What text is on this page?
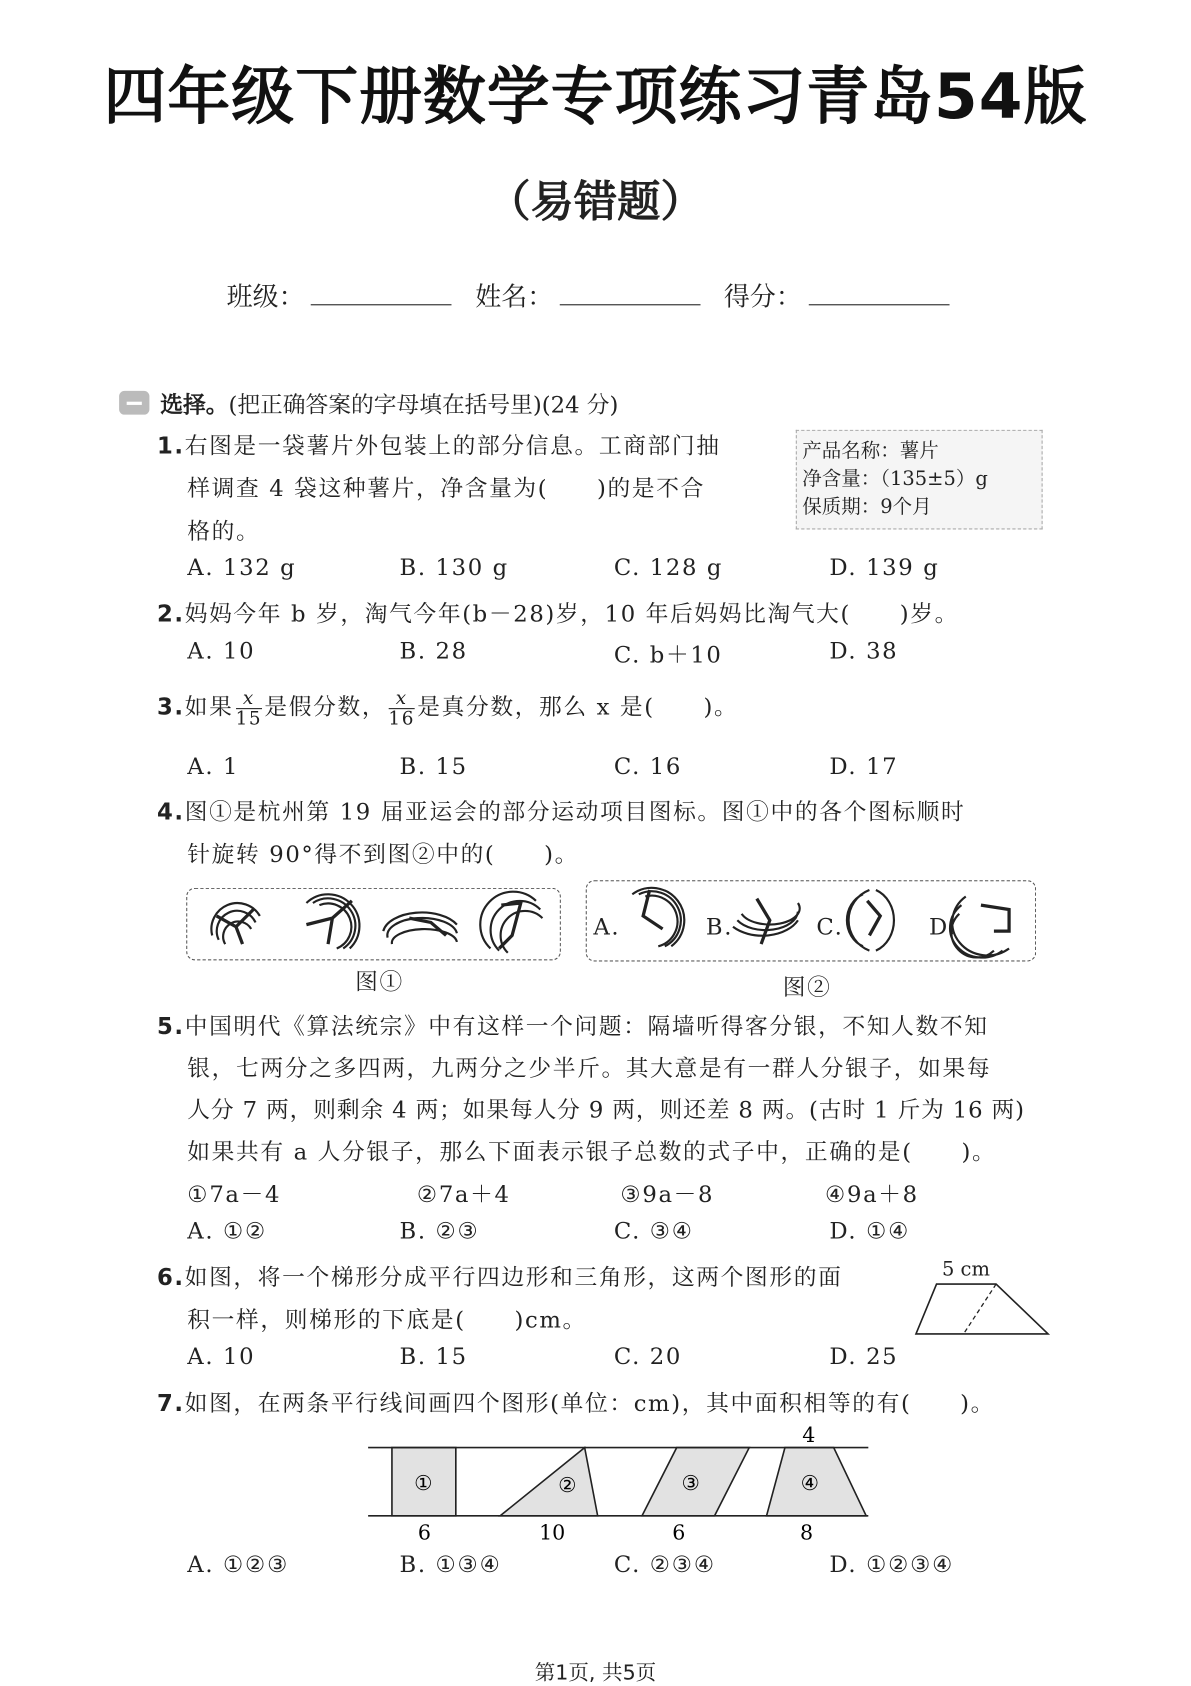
四年级下册数学专项练习青岛54版
（易错题）
班级：	姓名：	得分：
选择。(把正确答案的字母填在括号里)(24 分)
1.右图是一袋薯片外包装上的部分信息。工商部门抽
样调查 4 袋这种薯片，净含量为(　　)的是不合
格的。
产品名称：薯片
净含量：（135±5）g
保质期：9个月
A. 132 g	B. 130 g	C. 128 g	D. 139 g
2.妈妈今年 b 岁，淘气今年(b－28)岁，10 年后妈妈比淘气大(　　)岁。
A. 10	B. 28	C. b＋10	D. 38
3.如果 $\frac{x}{15}$ 是假分数， $\frac{x}{16}$ 是真分数，那么 x 是(　　)。
A. 1	B. 15	C. 16	D. 17
4.图①是杭州第 19 届亚运会的部分运动项目图标。图①中的各个图标顺时
针旋转 90°得不到图②中的(　　)。
A.	B.	C.	D.
图①	图②
5.中国明代《算法统宗》中有这样一个问题：隔墙听得客分银，不知人数不知
银，七两分之多四两，九两分之少半斤。其大意是有一群人分银子，如果每
人分 7 两，则剩余 4 两；如果每人分 9 两，则还差 8 两。(古时 1 斤为 16 两)
如果共有 a 人分银子，那么下面表示银子总数的式子中，正确的是(　　)。
①7a－4	②7a＋4	③9a－8	④9a＋8
A. ①②	B. ②③	C. ③④	D. ①④
6.如图，将一个梯形分成平行四边形和三角形，这两个图形的面
积一样，则梯形的下底是(　　)cm。
5 cm
A. 10	B. 15	C. 20	D. 25
7.如图，在两条平行线间画四个图形(单位：cm)，其中面积相等的有(　　)。
①	②	③	④
4
6	10	6	8
A. ①②③	B. ①③④	C. ②③④	D. ①②③④
第1页, 共5页
